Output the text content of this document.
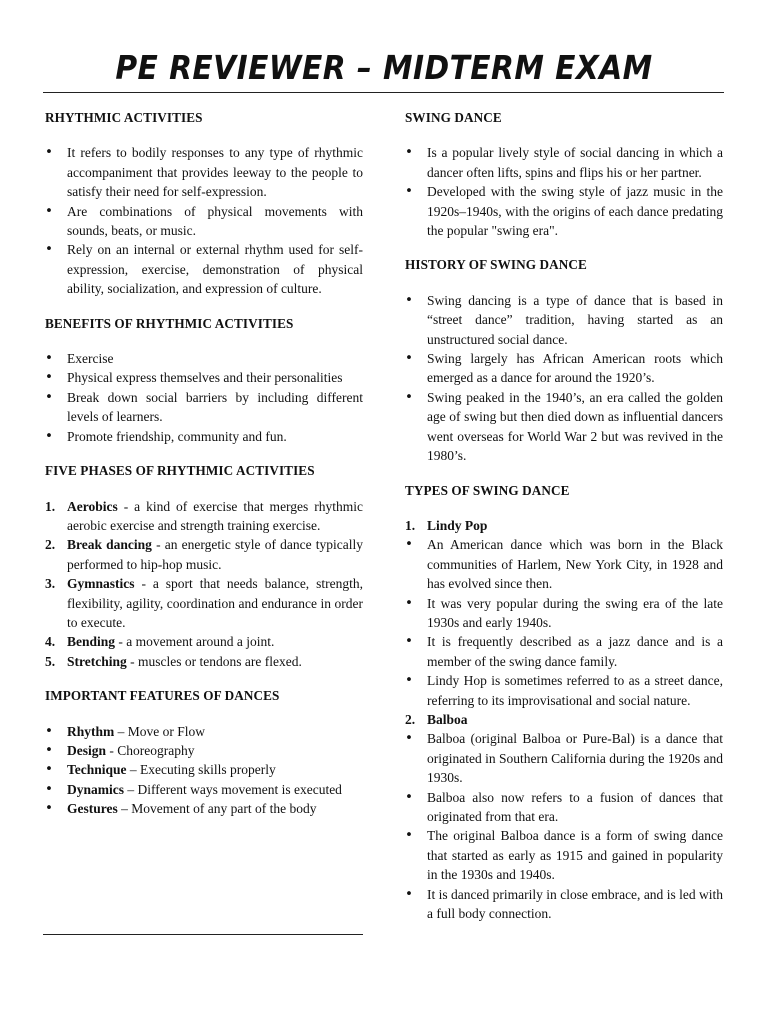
PE REVIEWER – MIDTERM EXAM
RHYTHMIC ACTIVITIES
• It refers to bodily responses to any type of rhythmic accompaniment that provides leeway to the people to satisfy their need for self-expression.
• Are combinations of physical movements with sounds, beats, or music.
• Rely on an internal or external rhythm used for self-expression, exercise, demonstration of physical ability, socialization, and expression of culture.
BENEFITS OF RHYTHMIC ACTIVITIES
• Exercise
• Physical express themselves and their personalities
• Break down social barriers by including different levels of learners.
• Promote friendship, community and fun.
FIVE PHASES OF RHYTHMIC ACTIVITIES
1. Aerobics - a kind of exercise that merges rhythmic aerobic exercise and strength training exercise.
2. Break dancing - an energetic style of dance typically performed to hip-hop music.
3. Gymnastics - a sport that needs balance, strength, flexibility, agility, coordination and endurance in order to execute.
4. Bending - a movement around a joint.
5. Stretching - muscles or tendons are flexed.
IMPORTANT FEATURES OF DANCES
• Rhythm – Move or Flow
• Design - Choreography
• Technique – Executing skills properly
• Dynamics – Different ways movement is executed
• Gestures – Movement of any part of the body
SWING DANCE
• Is a popular lively style of social dancing in which a dancer often lifts, spins and flips his or her partner.
• Developed with the swing style of jazz music in the 1920s–1940s, with the origins of each dance predating the popular "swing era".
HISTORY OF SWING DANCE
• Swing dancing is a type of dance that is based in “street dance” tradition, having started as an unstructured social dance.
• Swing largely has African American roots which emerged as a dance for around the 1920’s.
• Swing peaked in the 1940’s, an era called the golden age of swing but then died down as influential dancers went overseas for World War 2 but was revived in the 1980’s.
TYPES OF SWING DANCE
1. Lindy Pop
• An American dance which was born in the Black communities of Harlem, New York City, in 1928 and has evolved since then.
• It was very popular during the swing era of the late 1930s and early 1940s.
• It is frequently described as a jazz dance and is a member of the swing dance family.
• Lindy Hop is sometimes referred to as a street dance, referring to its improvisational and social nature.
2. Balboa
• Balboa (original Balboa or Pure-Bal) is a dance that originated in Southern California during the 1920s and 1930s.
• Balboa also now refers to a fusion of dances that originated from that era.
• The original Balboa dance is a form of swing dance that started as early as 1915 and gained in popularity in the 1930s and 1940s.
• It is danced primarily in close embrace, and is led with a full body connection.
